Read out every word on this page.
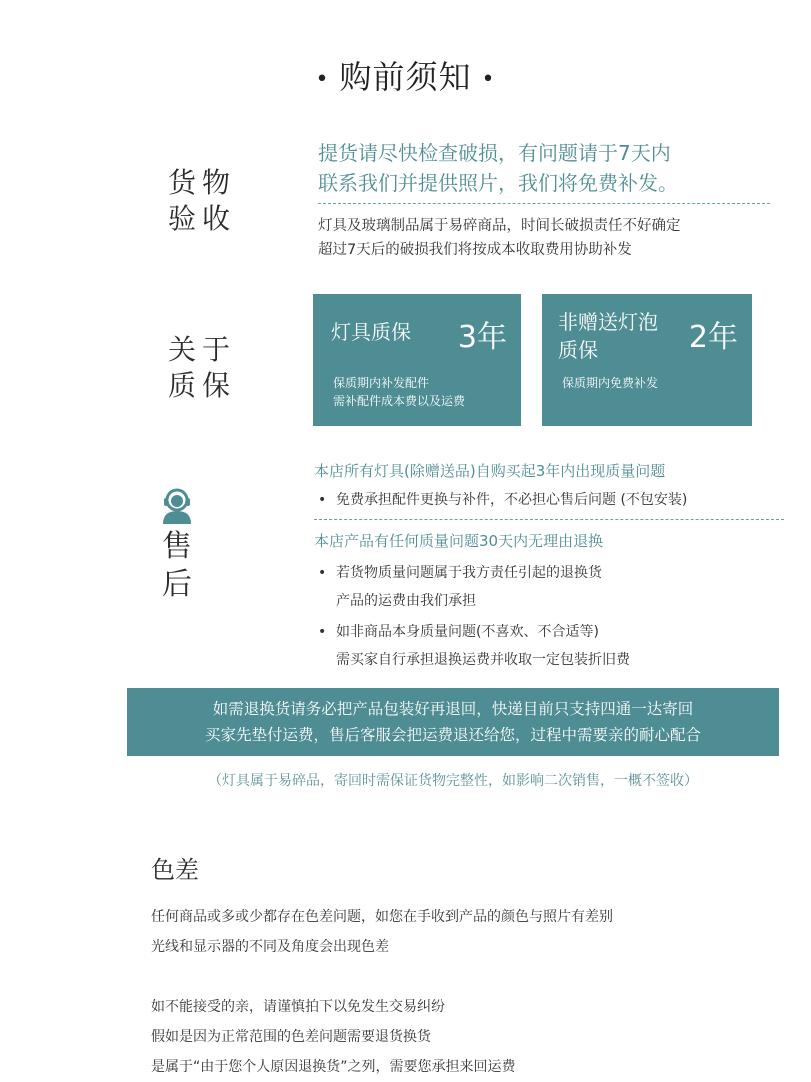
• 购前须知 •
货物
验收
提货请尽快检查破损，有问题请于7天内
联系我们并提供照片，我们将免费补发。
灯具及玻璃制品属于易碎商品，时间长破损责任不好确定
超过7天后的破损我们将按成本收取费用协助补发
关于
质保
灯具质保 3年
保质期内补发配件
需补配件成本费以及运费
非赠送灯泡
质保	2年
保质期内免费补发
售
后
本店所有灯具(除赠送品)自购买起3年内出现质量问题
• 免费承担配件更换与补件，不必担心售后问题 (不包安装)
本店产品有任何质量问题30天内无理由退换
• 若货物质量问题属于我方责任引起的退换货
产品的运费由我们承担
• 如非商品本身质量问题(不喜欢、不合适等)
需买家自行承担退换运费并收取一定包装折旧费
如需退换货请务必把产品包装好再退回，快递目前只支持四通一达寄回
买家先垫付运费，售后客服会把运费退还给您，过程中需要亲的耐心配合
（灯具属于易碎品，寄回时需保证货物完整性，如影响二次销售，一概不签收）
色差
任何商品或多或少都存在色差问题，如您在手收到产品的颜色与照片有差别
光线和显示器的不同及角度会出现色差
如不能接受的亲，请谨慎拍下以免发生交易纠纷
假如是因为正常范围的色差问题需要退货换货
是属于“由于您个人原因退换货”之列，需要您承担来回运费
